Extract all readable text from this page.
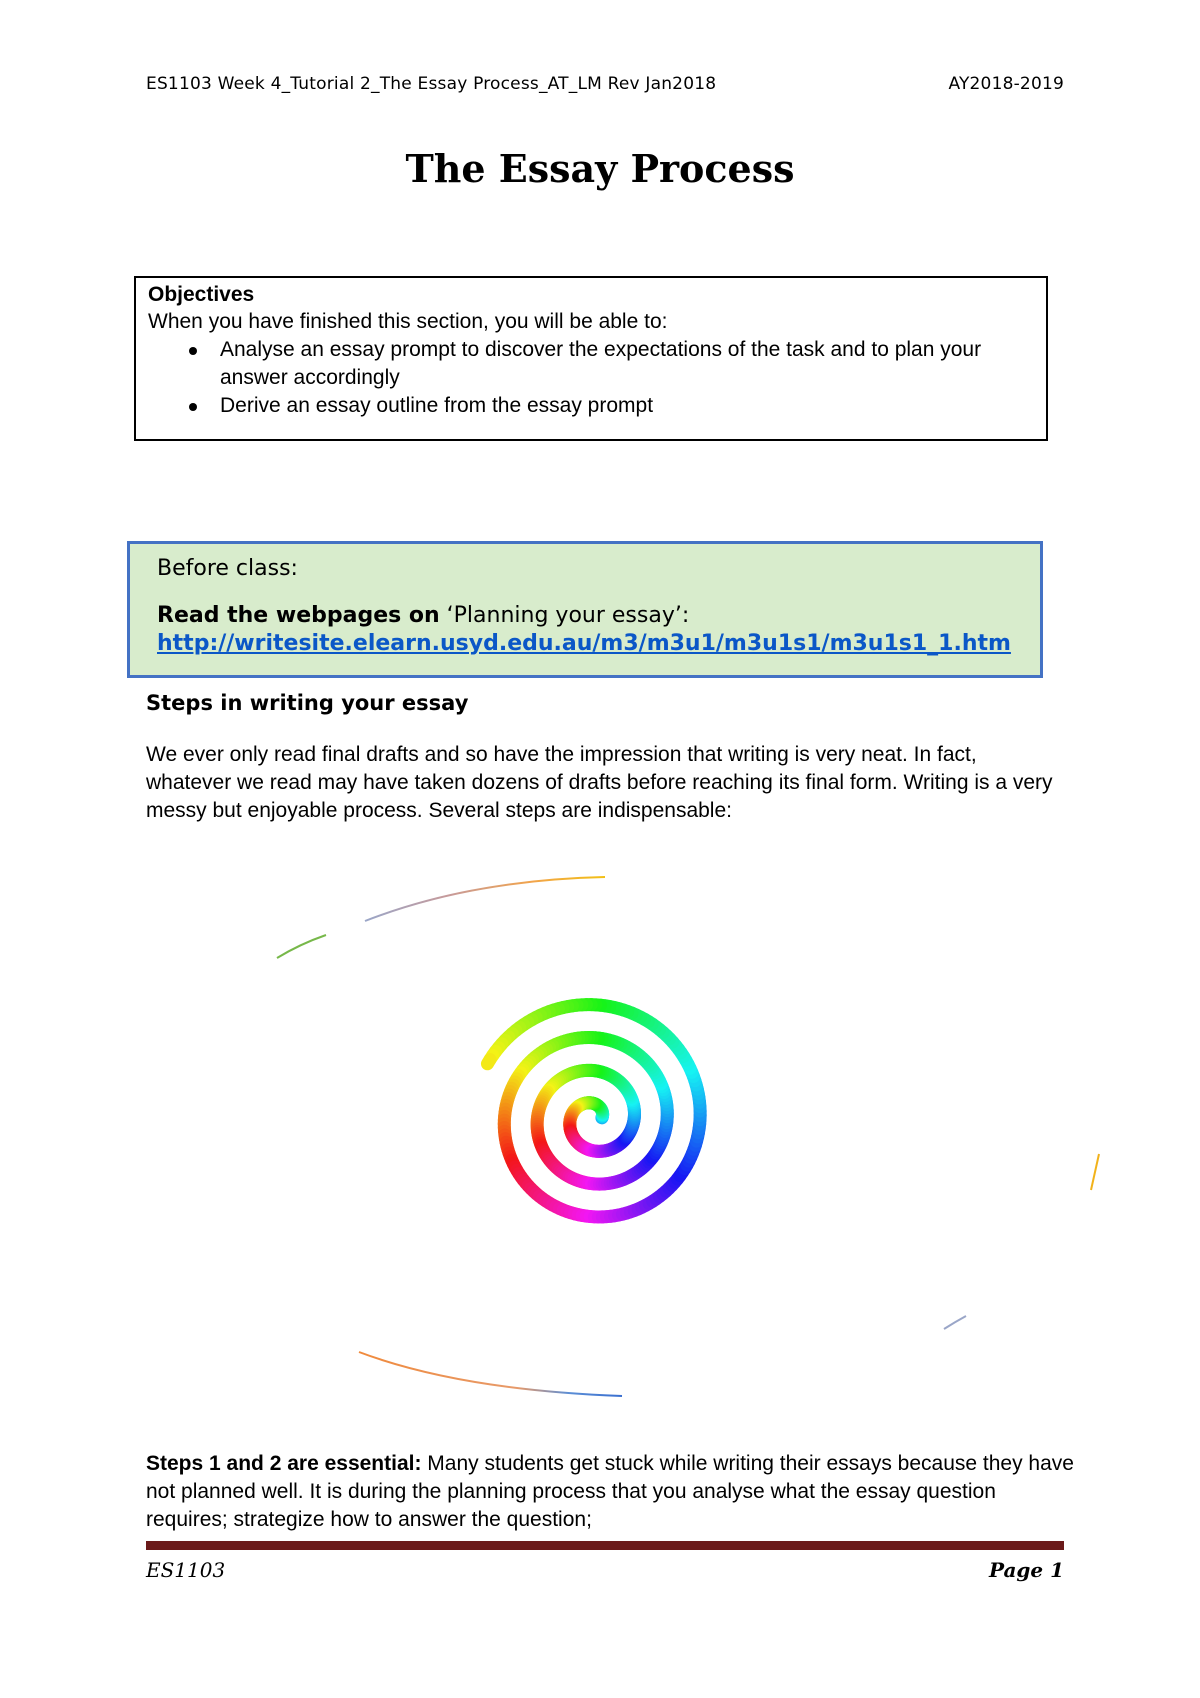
ES1103 Week 4_Tutorial 2_The Essay Process_AT_LM Rev Jan2018	AY2018-2019
The Essay Process
Objectives
When you have finished this section, you will be able to:
Analyse an essay prompt to discover the expectations of the task and to plan your answer accordingly
Derive an essay outline from the essay prompt
Before class:
Read the webpages on ‘Planning your essay’:
http://writesite.elearn.usyd.edu.au/m3/m3u1/m3u1s1/m3u1s1_1.htm
Steps in writing your essay
We ever only read final drafts and so have the impression that writing is very neat. In fact, whatever we read may have taken dozens of drafts before reaching its final form. Writing is a very messy but enjoyable process. Several steps are indispensable:
Steps 1 and 2 are essential: Many students get stuck while writing their essays because they have not planned well. It is during the planning process that you analyse what the essay question requires; strategize how to answer the question;
ES1103	Page 1
